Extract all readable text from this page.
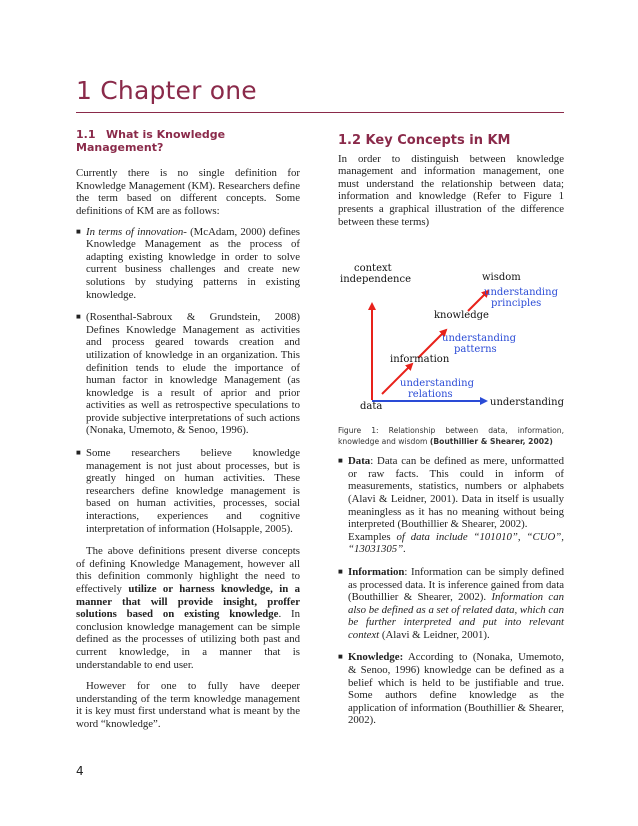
1 Chapter one
1.1 What is Knowledge Management?

Currently there is no single definition for Knowledge Management (KM). Researchers define the term based on different concepts. Some definitions of KM are as follows:

■ In terms of innovation- (McAdam, 2000) defines Knowledge Management as the process of adapting existing knowledge in order to solve current business challenges and create new solutions by studying patterns in existing knowledge.
■ (Rosenthal-Sabroux & Grundstein, 2008) Defines Knowledge Management as activities and process geared towards creation and utilization of knowledge in an organization. This definition tends to elude the importance of human factor in knowledge Management (as knowledge is a result of aprior and prior activities as well as retrospective speculations to provide subjective interpretations of such actions (Nonaka, Umemoto, & Senoo, 1996).
■ Some researchers believe knowledge management is not just about processes, but is greatly hinged on human activities. These researchers define knowledge management is based on human activities, processes, social interactions, experiences and cognitive interpretation of information (Holsapple, 2005).

The above definitions present diverse concepts of defining Knowledge Management, however all this definition commonly highlight the need to effectively utilize or harness knowledge, in a manner that will provide insight, proffer solutions based on existing knowledge. In conclusion knowledge management can be simple defined as the processes of utilizing both past and current knowledge, in a manner that is understandable to end user.

However for one to fully have deeper understanding of the term knowledge management it is key must first understand what is meant by the word “knowledge”.

1.2 Key Concepts in KM

In order to distinguish between knowledge management and information management, one must understand the relationship between data; information and knowledge (Refer to Figure 1 presents a graphical illustration of the difference between these terms)

context
independence	wisdom
understanding
principles
knowledge
understanding
patterns
information
understanding
relations
data	understanding

Figure 1: Relationship between data, information, knowledge and wisdom (Bouthillier & Shearer, 2002)

■ Data: Data can be defined as mere, unformatted or raw facts. This could in inform of measurements, statistics, numbers or alphabets (Alavi & Leidner, 2001). Data in itself is usually meaningless as it has no meaning without being interpreted (Bouthillier & Shearer, 2002).
Examples of data include “101010”, “CUO”, “13031305”.
■ Information: Information can be simply defined as processed data. It is inference gained from data (Bouthillier & Shearer, 2002). Information can also be defined as a set of related data, which can be further interpreted and put into relevant context (Alavi & Leidner, 2001).
■ Knowledge: According to (Nonaka, Umemoto, & Senoo, 1996) knowledge can be defined as a belief which is held to be justifiable and true. Some authors define knowledge as the application of information (Bouthillier & Shearer, 2002).
4
